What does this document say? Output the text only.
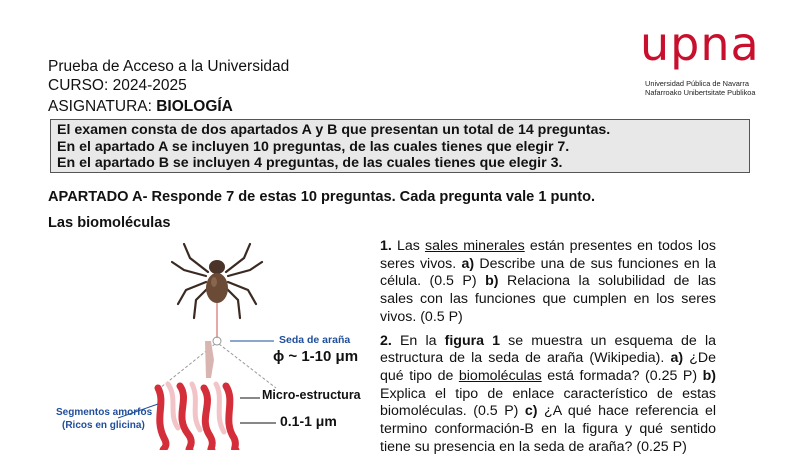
Prueba de Acceso a la Universidad
CURSO: 2024-2025
ASIGNATURA: BIOLOGÍA
upna
Universidad Pública de Navarra
Nafarroako Unibertsitate Publikoa
El examen consta de dos apartados A y B que presentan un total de 14 preguntas.
En el apartado A se incluyen 10 preguntas, de las cuales tienes que elegir 7.
En el apartado B se incluyen 4 preguntas, de las cuales tienes que elegir 3.
APARTADO A- Responde 7 de estas 10 preguntas. Cada pregunta vale 1 punto.
Las biomoléculas
Seda de araña
ϕ ~ 1-10 μm
Micro-estructura
0.1-1 μm
Segmentos amorfos
(Ricos en glicina)

1. Las sales minerales están presentes en todos los seres vivos. a) Describe una de sus funciones en la célula. (0.5 P) b) Relaciona la solubilidad de las sales con las funciones que cumplen en los seres vivos. (0.5 P)

2. En la figura 1 se muestra un esquema de la estructura de la seda de araña (Wikipedia). a) ¿De qué tipo de biomoléculas está formada? (0.25 P) b) Explica el tipo de enlace característico de estas biomoléculas. (0.5 P) c) ¿A qué hace referencia el termino conformación-B en la figura y qué sentido tiene su presencia en la seda de araña? (0.25 P)
